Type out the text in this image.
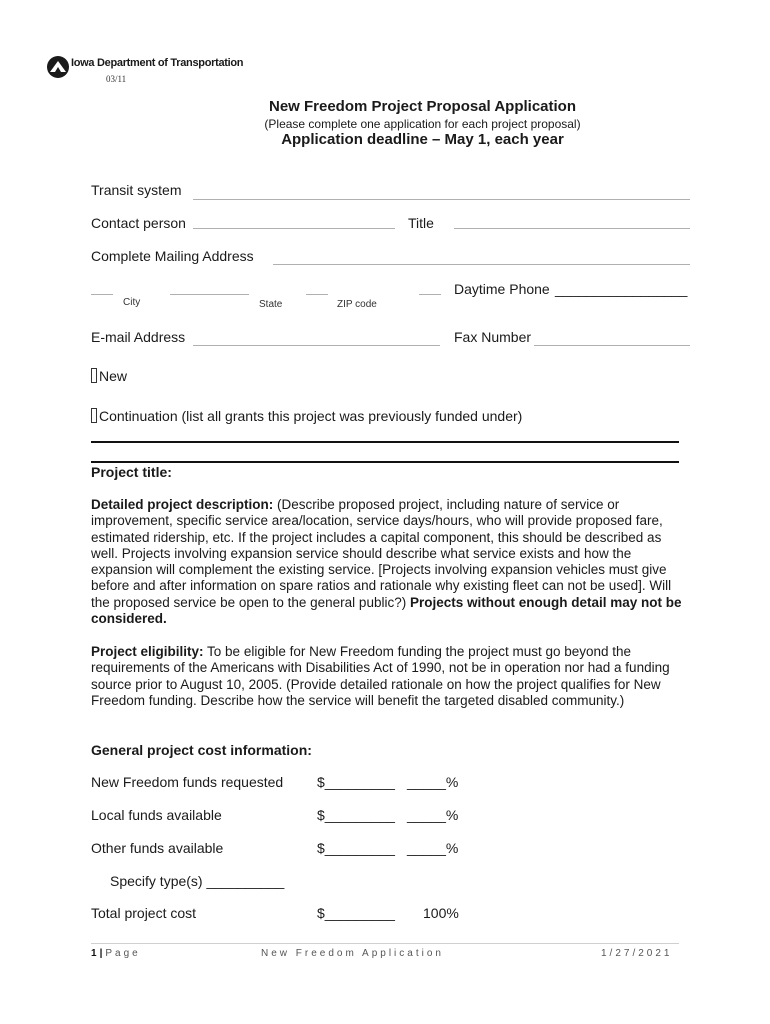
Iowa Department of Transportation
03/11
New Freedom Project Proposal Application
(Please complete one application for each project proposal)
Application deadline – May 1, each year
Transit system
Contact person	Title
Complete Mailing Address
City	State	ZIP code
Daytime Phone _________________
E-mail Address	Fax Number
New
Continuation (list all grants this project was previously funded under)
Project title:
Detailed project description: (Describe proposed project, including nature of service or improvement, specific service area/location, service days/hours, who will provide proposed fare, estimated ridership, etc. If the project includes a capital component, this should be described as well. Projects involving expansion service should describe what service exists and how the expansion will complement the existing service. [Projects involving expansion vehicles must give before and after information on spare ratios and rationale why existing fleet can not be used]. Will the proposed service be open to the general public?) Projects without enough detail may not be considered.
Project eligibility: To be eligible for New Freedom funding the project must go beyond the requirements of the Americans with Disabilities Act of 1990, not be in operation nor had a funding source prior to August 10, 2005. (Provide detailed rationale on how the project qualifies for New Freedom funding. Describe how the service will benefit the targeted disabled community.)
General project cost information:
New Freedom funds requested $_________ _____%
Local funds available	$_________ _____%
Other funds available	$_________ _____%
Specify type(s) __________
Total project cost	$_________ 100%
1|Page	New Freedom Application	1/27/2021
